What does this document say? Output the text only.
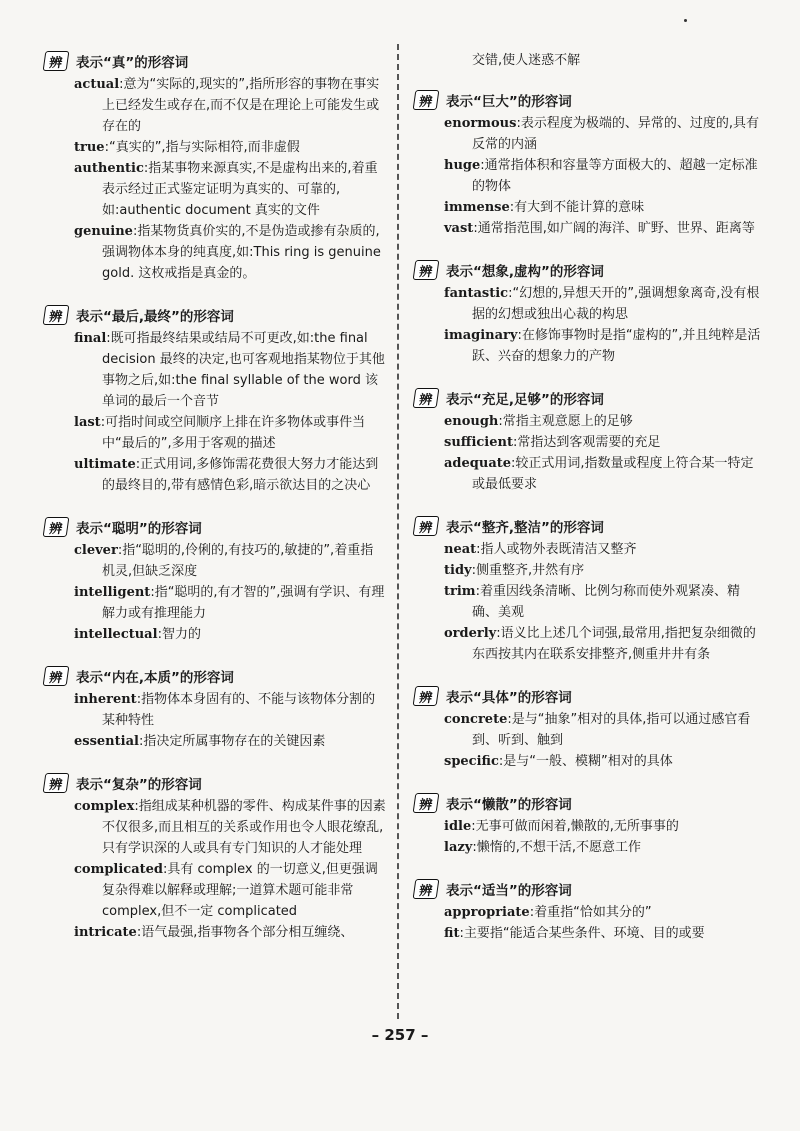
辨 表示“真”的形容词
actual:意为“实际的,现实的”,指所形容的事物在事实上已经发生或存在,而不仅是在理论上可能发生或存在的
true:“真实的”,指与实际相符,而非虚假
authentic:指某事物来源真实,不是虚构出来的,着重表示经过正式鉴定证明为真实的、可靠的,如:authentic document 真实的文件
genuine:指某物货真价实的,不是伪造或掺有杂质的,强调物体本身的纯真度,如:This ring is genuine gold. 这枚戒指是真金的。
辨 表示“最后,最终”的形容词
final:既可指最终结果或结局不可更改,如:the final decision 最终的决定,也可客观地指某物位于其他事物之后,如:the final syllable of the word 该单词的最后一个音节
last:可指时间或空间顺序上排在许多物体或事件当中“最后的”,多用于客观的描述
ultimate:正式用词,多修饰需花费很大努力才能达到的最终目的,带有感情色彩,暗示欲达目的之决心
辨 表示“聪明”的形容词
clever:指“聪明的,伶俐的,有技巧的,敏捷的”,着重指机灵,但缺乏深度
intelligent:指“聪明的,有才智的”,强调有学识、有理解力或有推理能力
intellectual:智力的
辨 表示“内在,本质”的形容词
inherent:指物体本身固有的、不能与该物体分割的某种特性
essential:指决定所属事物存在的关键因素
辨 表示“复杂”的形容词
complex:指组成某种机器的零件、构成某件事的因素不仅很多,而且相互的关系或作用也令人眼花缭乱,只有学识深的人或具有专门知识的人才能处理
complicated:具有 complex 的一切意义,但更强调复杂得难以解释或理解;一道算术题可能非常 complex,但不一定 complicated
intricate:语气最强,指事物各个部分相互缠绕、
交错,使人迷惑不解
辨 表示“巨大”的形容词
enormous:表示程度为极端的、异常的、过度的,具有反常的内涵
huge:通常指体积和容量等方面极大的、超越一定标准的物体
immense:有大到不能计算的意味
vast:通常指范围,如广阔的海洋、旷野、世界、距离等
辨 表示“想象,虚构”的形容词
fantastic:“幻想的,异想天开的”,强调想象离奇,没有根据的幻想或独出心裁的构思
imaginary:在修饰事物时是指“虚构的”,并且纯粹是活跃、兴奋的想象力的产物
辨 表示“充足,足够”的形容词
enough:常指主观意愿上的足够
sufficient:常指达到客观需要的充足
adequate:较正式用词,指数量或程度上符合某一特定或最低要求
辨 表示“整齐,整洁”的形容词
neat:指人或物外表既清洁又整齐
tidy:侧重整齐,井然有序
trim:着重因线条清晰、比例匀称而使外观紧凑、精确、美观
orderly:语义比上述几个词强,最常用,指把复杂细微的东西按其内在联系安排整齐,侧重井井有条
辨 表示“具体”的形容词
concrete:是与“抽象”相对的具体,指可以通过感官看到、听到、触到
specific:是与“一般、模糊”相对的具体
辨 表示“懒散”的形容词
idle:无事可做而闲着,懒散的,无所事事的
lazy:懒惰的,不想干活,不愿意工作
辨 表示“适当”的形容词
appropriate:着重指“恰如其分的”
fit:主要指“能适合某些条件、环境、目的或要
– 257 –
